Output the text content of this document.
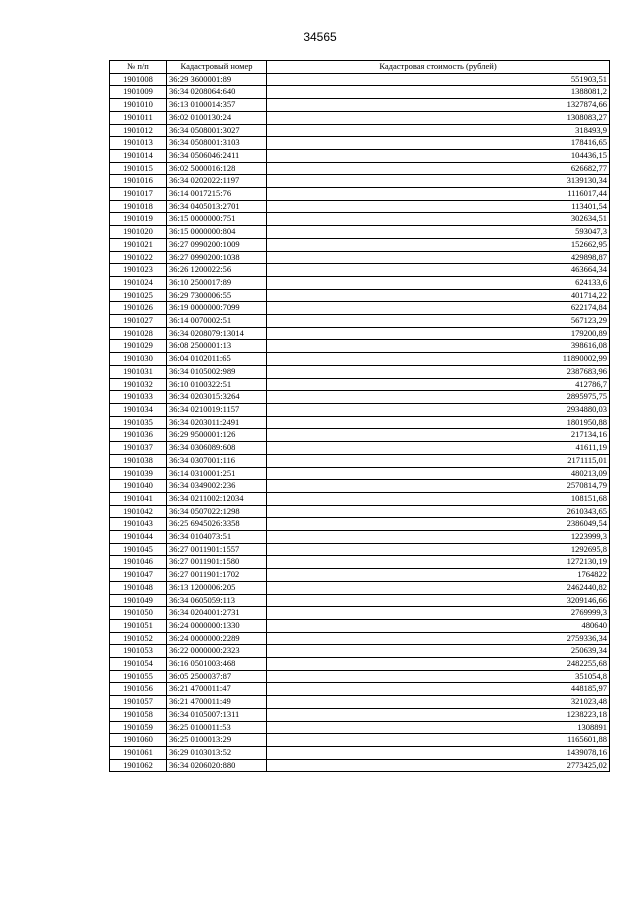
34565
№ п/п	Кадастровый номер	Кадастровая стоимость (рублей)
1901008	36:29 3600001:89	551903,51
1901009	36:34 0208064:640	1388081,2
1901010	36:13 0100014:357	1327874,66
1901011	36:02 0100130:24	1308083,27
1901012	36:34 0508001:3027	318493,9
1901013	36:34 0508001:3103	178416,65
1901014	36:34 0506046:2411	104436,15
1901015	36:02 5000016:128	626682,77
1901016	36:34 0202022:1197	3139130,34
1901017	36:14 0017215:76	1116017,44
1901018	36:34 0405013:2701	113401,54
1901019	36:15 0000000:751	302634,51
1901020	36:15 0000000:804	593047,3
1901021	36:27 0990200:1009	152662,95
1901022	36:27 0990200:1038	429898,87
1901023	36:26 1200022:56	463664,34
1901024	36:10 2500017:89	624133,6
1901025	36:29 7300006:55	401714,22
1901026	36:19 0000000:7099	622174,84
1901027	36:14 0070002:51	567123,29
1901028	36:34 0208079:13014	179200,89
1901029	36:08 2500001:13	398616,08
1901030	36:04 0102011:65	11890002,99
1901031	36:34 0105002:989	2387683,96
1901032	36:10 0100322:51	412786,7
1901033	36:34 0203015:3264	2895975,75
1901034	36:34 0210019:1157	2934880,03
1901035	36:34 0203011:2491	1801950,88
1901036	36:29 9500001:126	217134,16
1901037	36:34 0306089:608	41611,19
1901038	36:34 0307001:116	2171115,01
1901039	36:14 0310001:251	480213,09
1901040	36:34 0349002:236	2570814,79
1901041	36:34 0211002:12034	108151,68
1901042	36:34 0507022:1298	2610343,65
1901043	36:25 6945026:3358	2386049,54
1901044	36:34 0104073:51	1223999,3
1901045	36:27 0011901:1557	1292695,8
1901046	36:27 0011901:1580	1272130,19
1901047	36:27 0011901:1702	1764822
1901048	36:13 1200006:205	2462440,82
1901049	36:34 0605059:113	3209146,66
1901050	36:34 0204001:2731	2769999,3
1901051	36:24 0000000:1330	480640
1901052	36:24 0000000:2289	2759336,34
1901053	36:22 0000000:2323	250639,34
1901054	36:16 0501003:468	2482255,68
1901055	36:05 2500037:87	351054,8
1901056	36:21 4700011:47	448185,97
1901057	36:21 4700011:49	321023,48
1901058	36:34 0105007:1311	1238223,18
1901059	36:25 0100011:53	1308891
1901060	36:25 0100013:29	1165601,88
1901061	36:29 0103013:52	1439078,16
1901062	36:34 0206020:880	2773425,02
